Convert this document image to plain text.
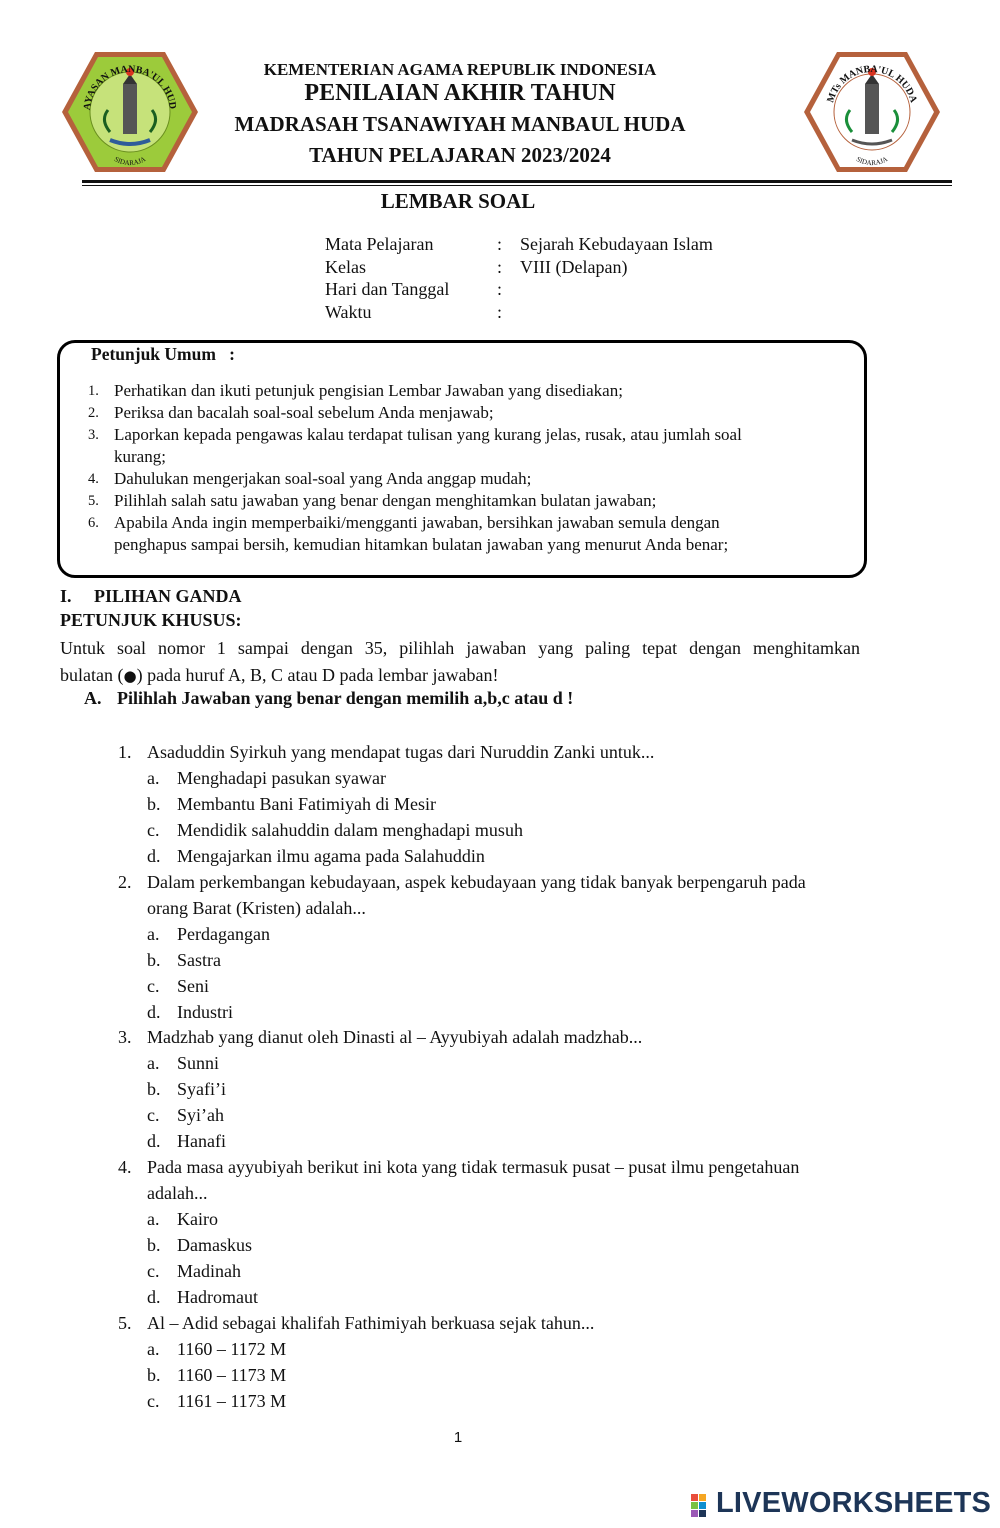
AYASAN MANBA'UL HUD
SIDARAJA
MTs MANBA'UL HUDA
SIDARAJA
KEMENTERIAN AGAMA REPUBLIK INDONESIA
PENILAIAN AKHIR TAHUN
MADRASAH TSANAWIYAH MANBAUL HUDA
TAHUN PELAJARAN 2023/2024
LEMBAR SOAL
Mata Pelajaran	: Sejarah Kebudayaan Islam
Kelas	: VIII (Delapan)
Hari dan Tanggal	:
Waktu	:
Petunjuk Umum   :
1. Perhatikan dan ikuti petunjuk pengisian Lembar Jawaban yang disediakan;
2. Periksa dan bacalah soal-soal sebelum Anda menjawab;
3. Laporkan kepada pengawas kalau terdapat tulisan yang kurang jelas, rusak, atau jumlah soal kurang;
4. Dahulukan mengerjakan soal-soal yang Anda anggap mudah;
5. Pilihlah salah satu jawaban yang benar dengan menghitamkan bulatan jawaban;
6. Apabila Anda ingin memperbaiki/mengganti jawaban, bersihkan jawaban semula dengan penghapus sampai bersih, kemudian hitamkan bulatan jawaban yang menurut Anda benar;
I. PILIHAN GANDA
PETUNJUK KHUSUS:
Untuk soal nomor 1 sampai dengan 35, pilihlah jawaban yang paling tepat dengan menghitamkan
bulatan (●) pada huruf A, B, C atau D pada lembar jawaban!
A. Pilihlah Jawaban yang benar dengan memilih a,b,c atau d !
1. Asaduddin Syirkuh yang mendapat tugas dari Nuruddin Zanki untuk...
a. Menghadapi pasukan syawar
b. Membantu Bani Fatimiyah di Mesir
c. Mendidik salahuddin dalam menghadapi musuh
d. Mengajarkan ilmu agama pada Salahuddin
2. Dalam perkembangan kebudayaan, aspek kebudayaan yang tidak banyak berpengaruh pada orang Barat (Kristen) adalah...
a. Perdagangan
b. Sastra
c. Seni
d. Industri
3. Madzhab yang dianut oleh Dinasti al – Ayyubiyah adalah madzhab...
a. Sunni
b. Syafi’i
c. Syi’ah
d. Hanafi
4. Pada masa ayyubiyah berikut ini kota yang tidak termasuk pusat – pusat ilmu pengetahuan adalah...
a. Kairo
b. Damaskus
c. Madinah
d. Hadromaut
5. Al – Adid sebagai khalifah Fathimiyah berkuasa sejak tahun...
a. 1160 – 1172 M
b. 1160 – 1173 M
c. 1161 – 1173 M
1
LIVEWORKSHEETS
